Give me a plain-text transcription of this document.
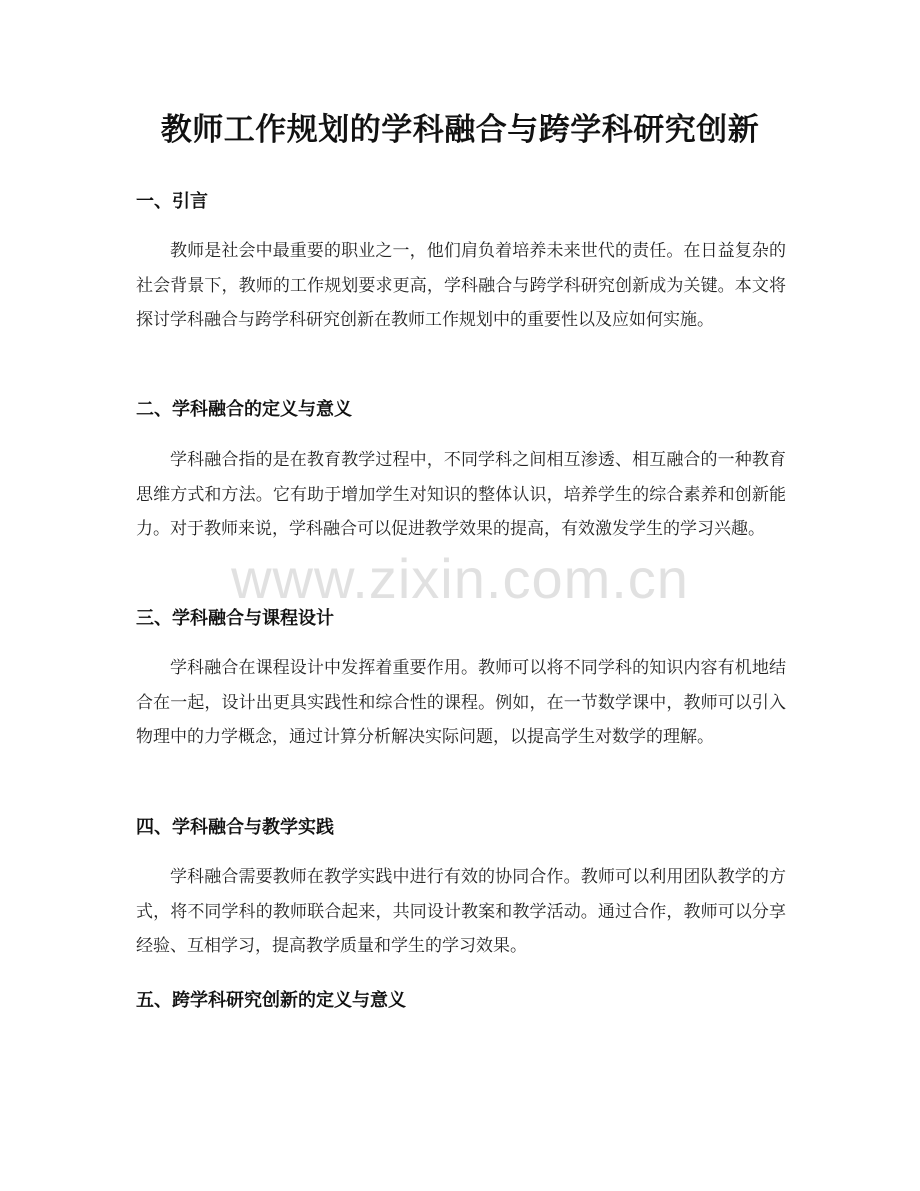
教师工作规划的学科融合与跨学科研究创新
一、引言

教师是社会中最重要的职业之一，他们肩负着培养未来世代的责任。在日益复杂的社会背景下，教师的工作规划要求更高，学科融合与跨学科研究创新成为关键。本文将探讨学科融合与跨学科研究创新在教师工作规划中的重要性以及应如何实施。

二、学科融合的定义与意义

学科融合指的是在教育教学过程中，不同学科之间相互渗透、相互融合的一种教育思维方式和方法。它有助于增加学生对知识的整体认识，培养学生的综合素养和创新能力。对于教师来说，学科融合可以促进教学效果的提高，有效激发学生的学习兴趣。

三、学科融合与课程设计

学科融合在课程设计中发挥着重要作用。教师可以将不同学科的知识内容有机地结合在一起，设计出更具实践性和综合性的课程。例如，在一节数学课中，教师可以引入物理中的力学概念，通过计算分析解决实际问题，以提高学生对数学的理解。

四、学科融合与教学实践

学科融合需要教师在教学实践中进行有效的协同合作。教师可以利用团队教学的方式，将不同学科的教师联合起来，共同设计教案和教学活动。通过合作，教师可以分享经验、互相学习，提高教学质量和学生的学习效果。

五、跨学科研究创新的定义与意义
www.zixin.com.cn
